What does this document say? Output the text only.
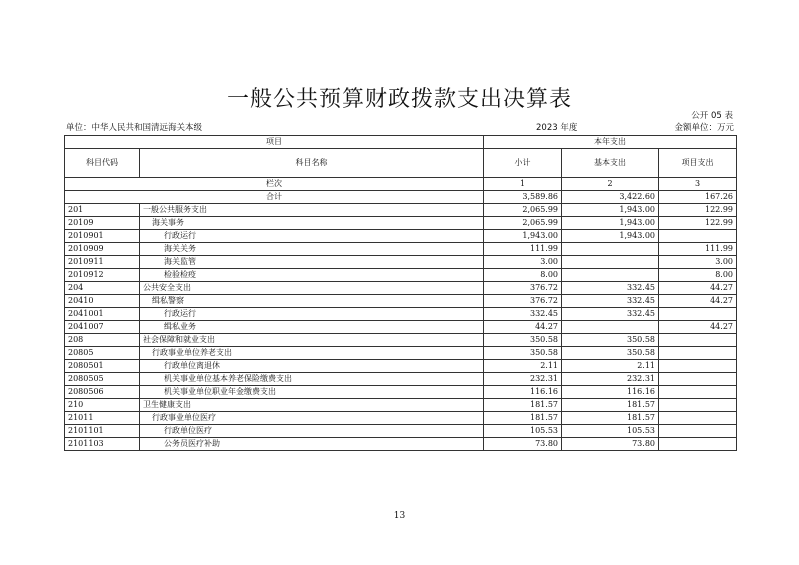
一般公共预算财政拨款支出决算表
公开 05 表
单位：中华人民共和国清远海关本级	2023 年度	金额单位：万元
项目		本年支出		
科目代码	科目名称	小计	基本支出	项目支出
栏次		1	2	3
合计		3,589.86	3,422.60	167.26
201	一般公共服务支出	2,065.99	1,943.00	122.99
20109	海关事务	2,065.99	1,943.00	122.99
2010901	行政运行	1,943.00	1,943.00	
2010909	海关关务	111.99		111.99
2010911	海关监管	3.00		3.00
2010912	检验检疫	8.00		8.00
204	公共安全支出	376.72	332.45	44.27
20410	缉私警察	376.72	332.45	44.27
2041001	行政运行	332.45	332.45	
2041007	缉私业务	44.27		44.27
208	社会保障和就业支出	350.58	350.58	
20805	行政事业单位养老支出	350.58	350.58	
2080501	行政单位离退休	2.11	2.11	
2080505	机关事业单位基本养老保险缴费支出	232.31	232.31	
2080506	机关事业单位职业年金缴费支出	116.16	116.16	
210	卫生健康支出	181.57	181.57	
21011	行政事业单位医疗	181.57	181.57	
2101101	行政单位医疗	105.53	105.53	
2101103	公务员医疗补助	73.80	73.80	
13
